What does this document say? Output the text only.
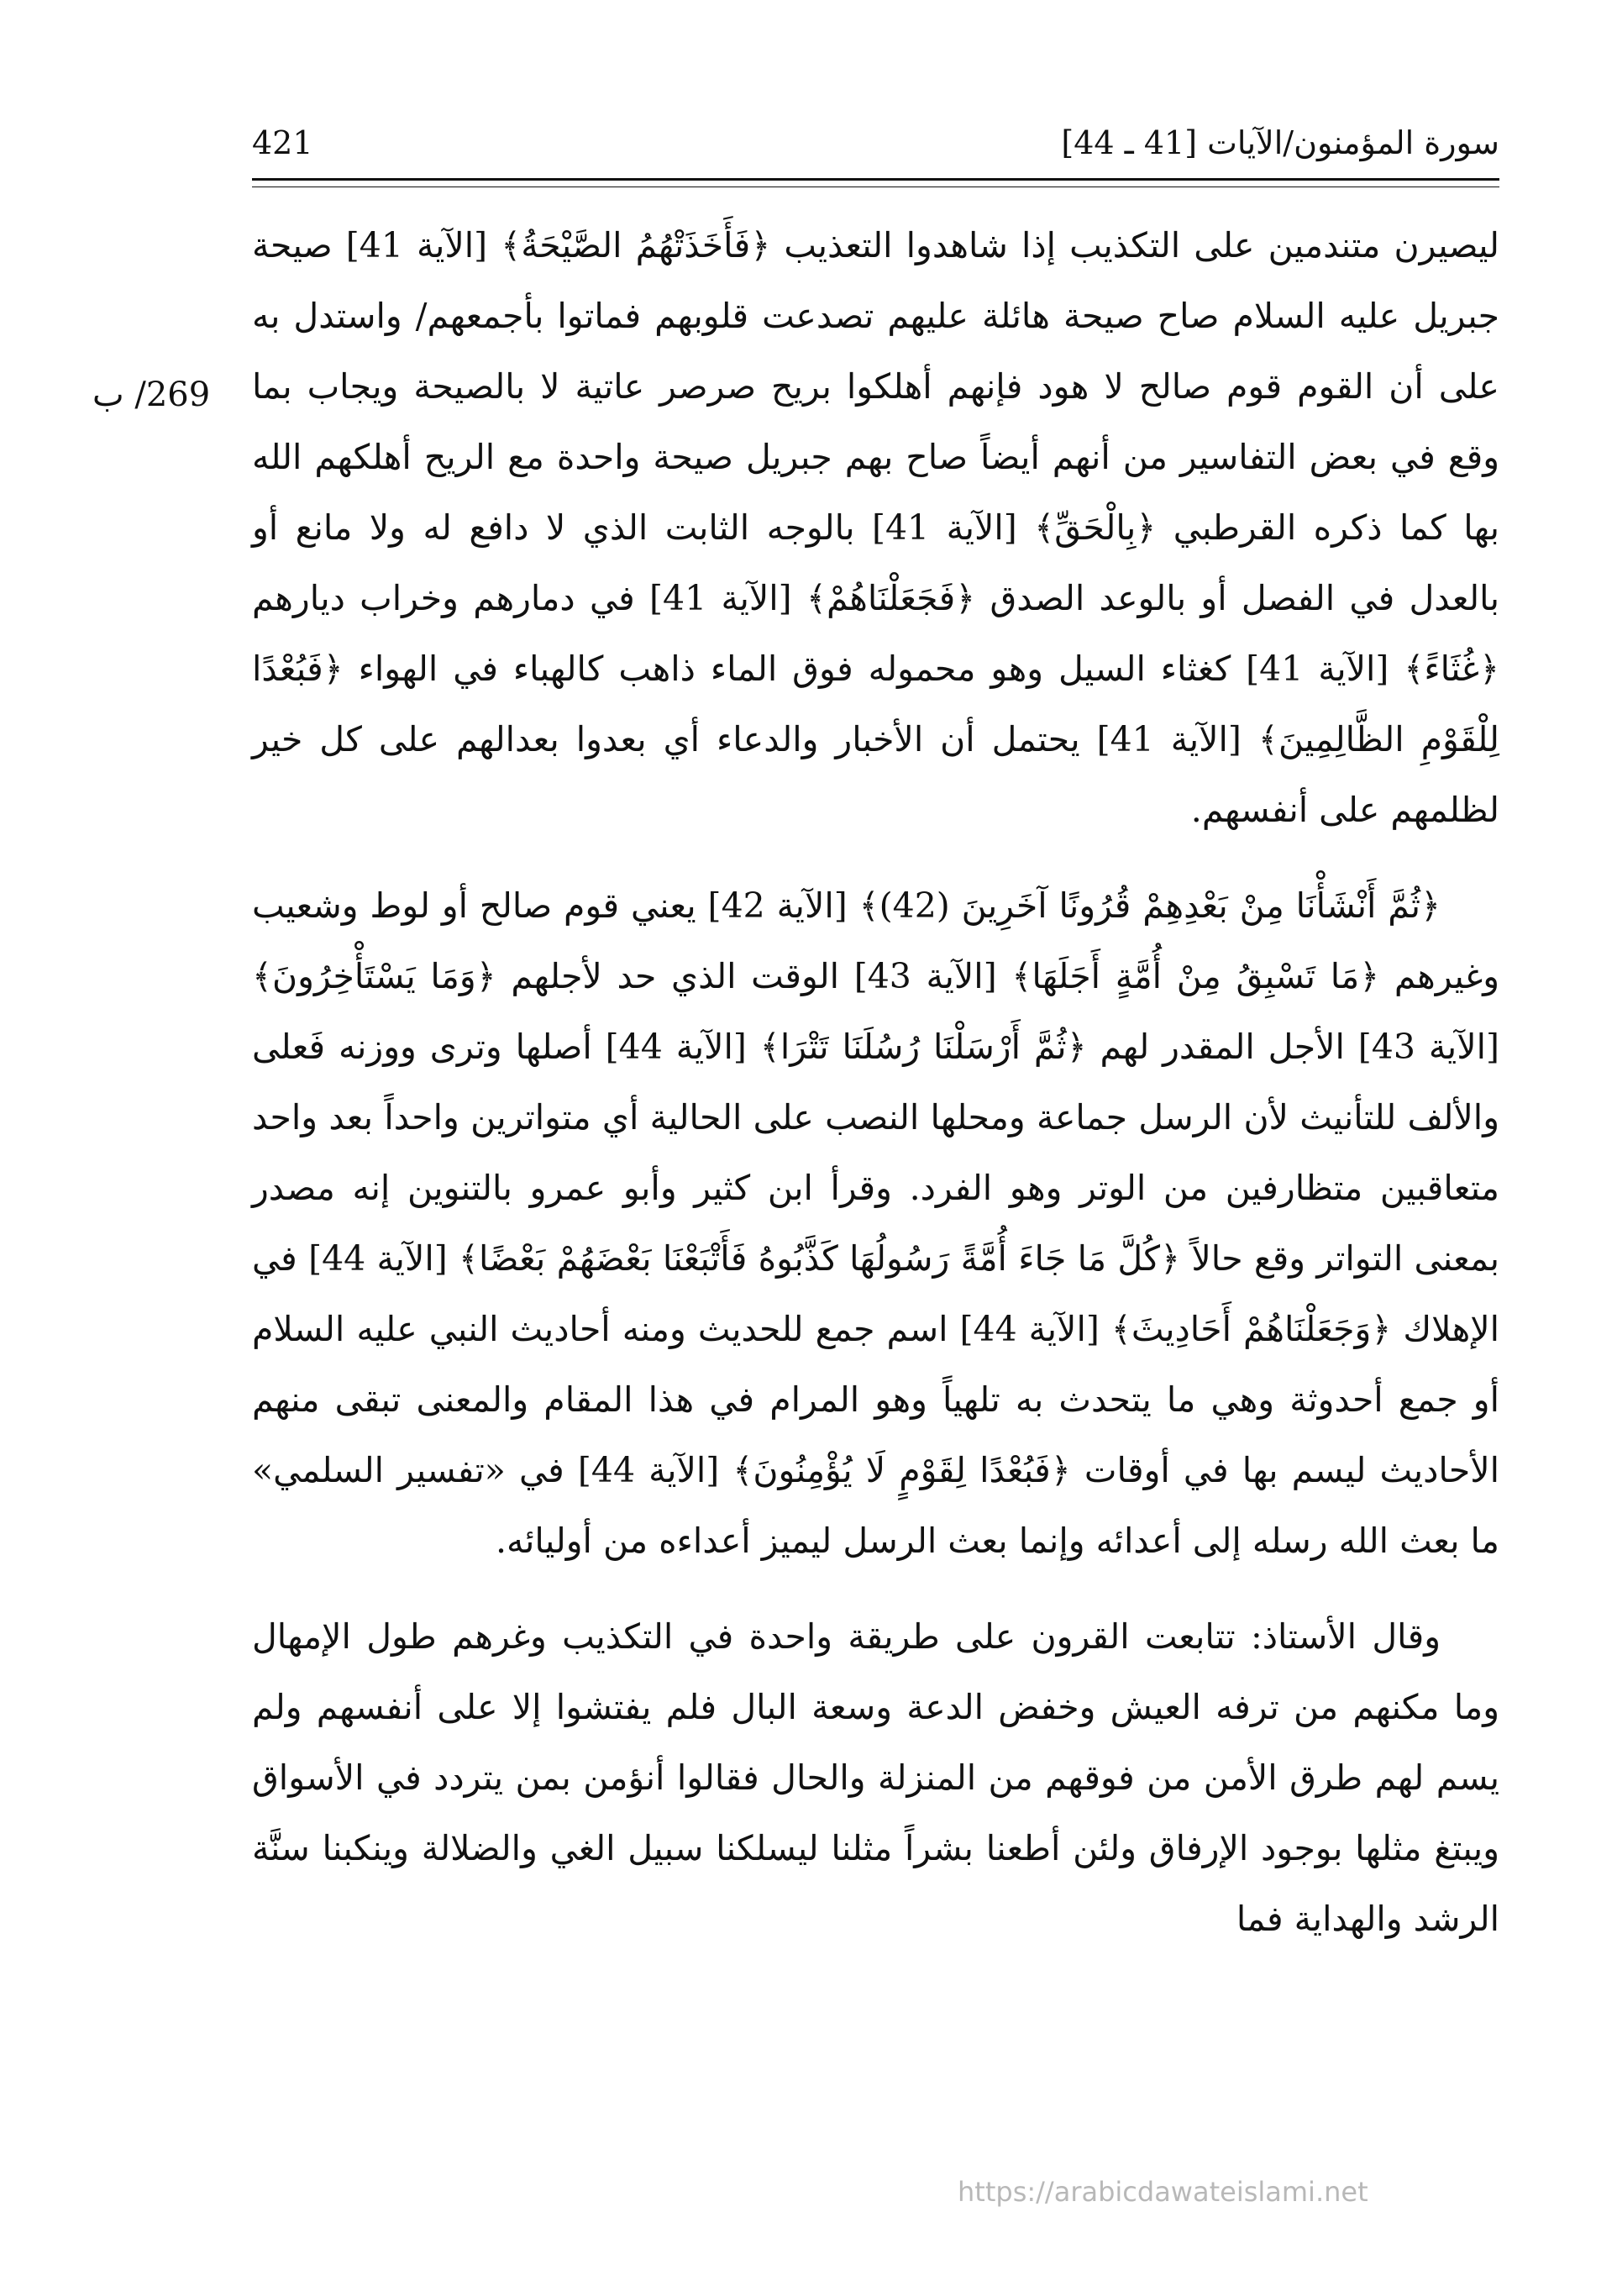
سورة المؤمنون/الآيات [41 ـ 44]
421
269/ ب

ليصيرن متندمين على التكذيب إذا شاهدوا التعذيب ﴿فَأَخَذَتْهُمُ الصَّيْحَةُ﴾ [الآية 41] صيحة جبريل عليه السلام صاح صيحة هائلة عليهم تصدعت قلوبهم فماتوا بأجمعهم/ واستدل به على أن القوم قوم صالح لا هود فإنهم أهلكوا بريح صرصر عاتية لا بالصيحة ويجاب بما وقع في بعض التفاسير من أنهم أيضاً صاح بهم جبريل صيحة واحدة مع الريح أهلكهم الله بها كما ذكره القرطبي ﴿بِالْحَقِّ﴾ [الآية 41] بالوجه الثابت الذي لا دافع له ولا مانع أو بالعدل في الفصل أو بالوعد الصدق ﴿فَجَعَلْنَاهُمْ﴾ [الآية 41] في دمارهم وخراب ديارهم ﴿غُثَاءً﴾ [الآية 41] كغثاء السيل وهو محموله فوق الماء ذاهب كالهباء في الهواء ﴿فَبُعْدًا لِلْقَوْمِ الظَّالِمِينَ﴾ [الآية 41] يحتمل أن الأخبار والدعاء أي بعدوا بعدالهم على كل خير لظلمهم على أنفسهم.

﴿ثُمَّ أَنْشَأْنَا مِنْ بَعْدِهِمْ قُرُونًا آخَرِينَ (42)﴾ [الآية 42] يعني قوم صالح أو لوط وشعيب وغيرهم ﴿مَا تَسْبِقُ مِنْ أُمَّةٍ أَجَلَهَا﴾ [الآية 43] الوقت الذي حد لأجلهم ﴿وَمَا يَسْتَأْخِرُونَ﴾ [الآية 43] الأجل المقدر لهم ﴿ثُمَّ أَرْسَلْنَا رُسُلَنَا تَتْرَا﴾ [الآية 44] أصلها وترى ووزنه فَعلى والألف للتأنيث لأن الرسل جماعة ومحلها النصب على الحالية أي متواترين واحداً بعد واحد متعاقبين متظارفين من الوتر وهو الفرد. وقرأ ابن كثير وأبو عمرو بالتنوين إنه مصدر بمعنى التواتر وقع حالاً ﴿كُلَّ مَا جَاءَ أُمَّةً رَسُولُهَا كَذَّبُوهُ فَأَتْبَعْنَا بَعْضَهُمْ بَعْضًا﴾ [الآية 44] في الإهلاك ﴿وَجَعَلْنَاهُمْ أَحَادِيثَ﴾ [الآية 44] اسم جمع للحديث ومنه أحاديث النبي عليه السلام أو جمع أحدوثة وهي ما يتحدث به تلهياً وهو المرام في هذا المقام والمعنى تبقى منهم الأحاديث ليسم بها في أوقات ﴿فَبُعْدًا لِقَوْمٍ لَا يُؤْمِنُونَ﴾ [الآية 44] في «تفسير السلمي» ما بعث الله رسله إلى أعدائه وإنما بعث الرسل ليميز أعداءه من أوليائه.

وقال الأستاذ: تتابعت القرون على طريقة واحدة في التكذيب وغرهم طول الإمهال وما مكنهم من ترفه العيش وخفض الدعة وسعة البال فلم يفتشوا إلا على أنفسهم ولم يسم لهم طرق الأمن من فوقهم من المنزلة والحال فقالوا أنؤمن بمن يتردد في الأسواق ويبتغ مثلها بوجود الإرفاق ولئن أطعنا بشراً مثلنا ليسلكنا سبيل الغي والضلالة وينكبنا سنَّة الرشد والهداية فما

https://arabicdawateislami.net
